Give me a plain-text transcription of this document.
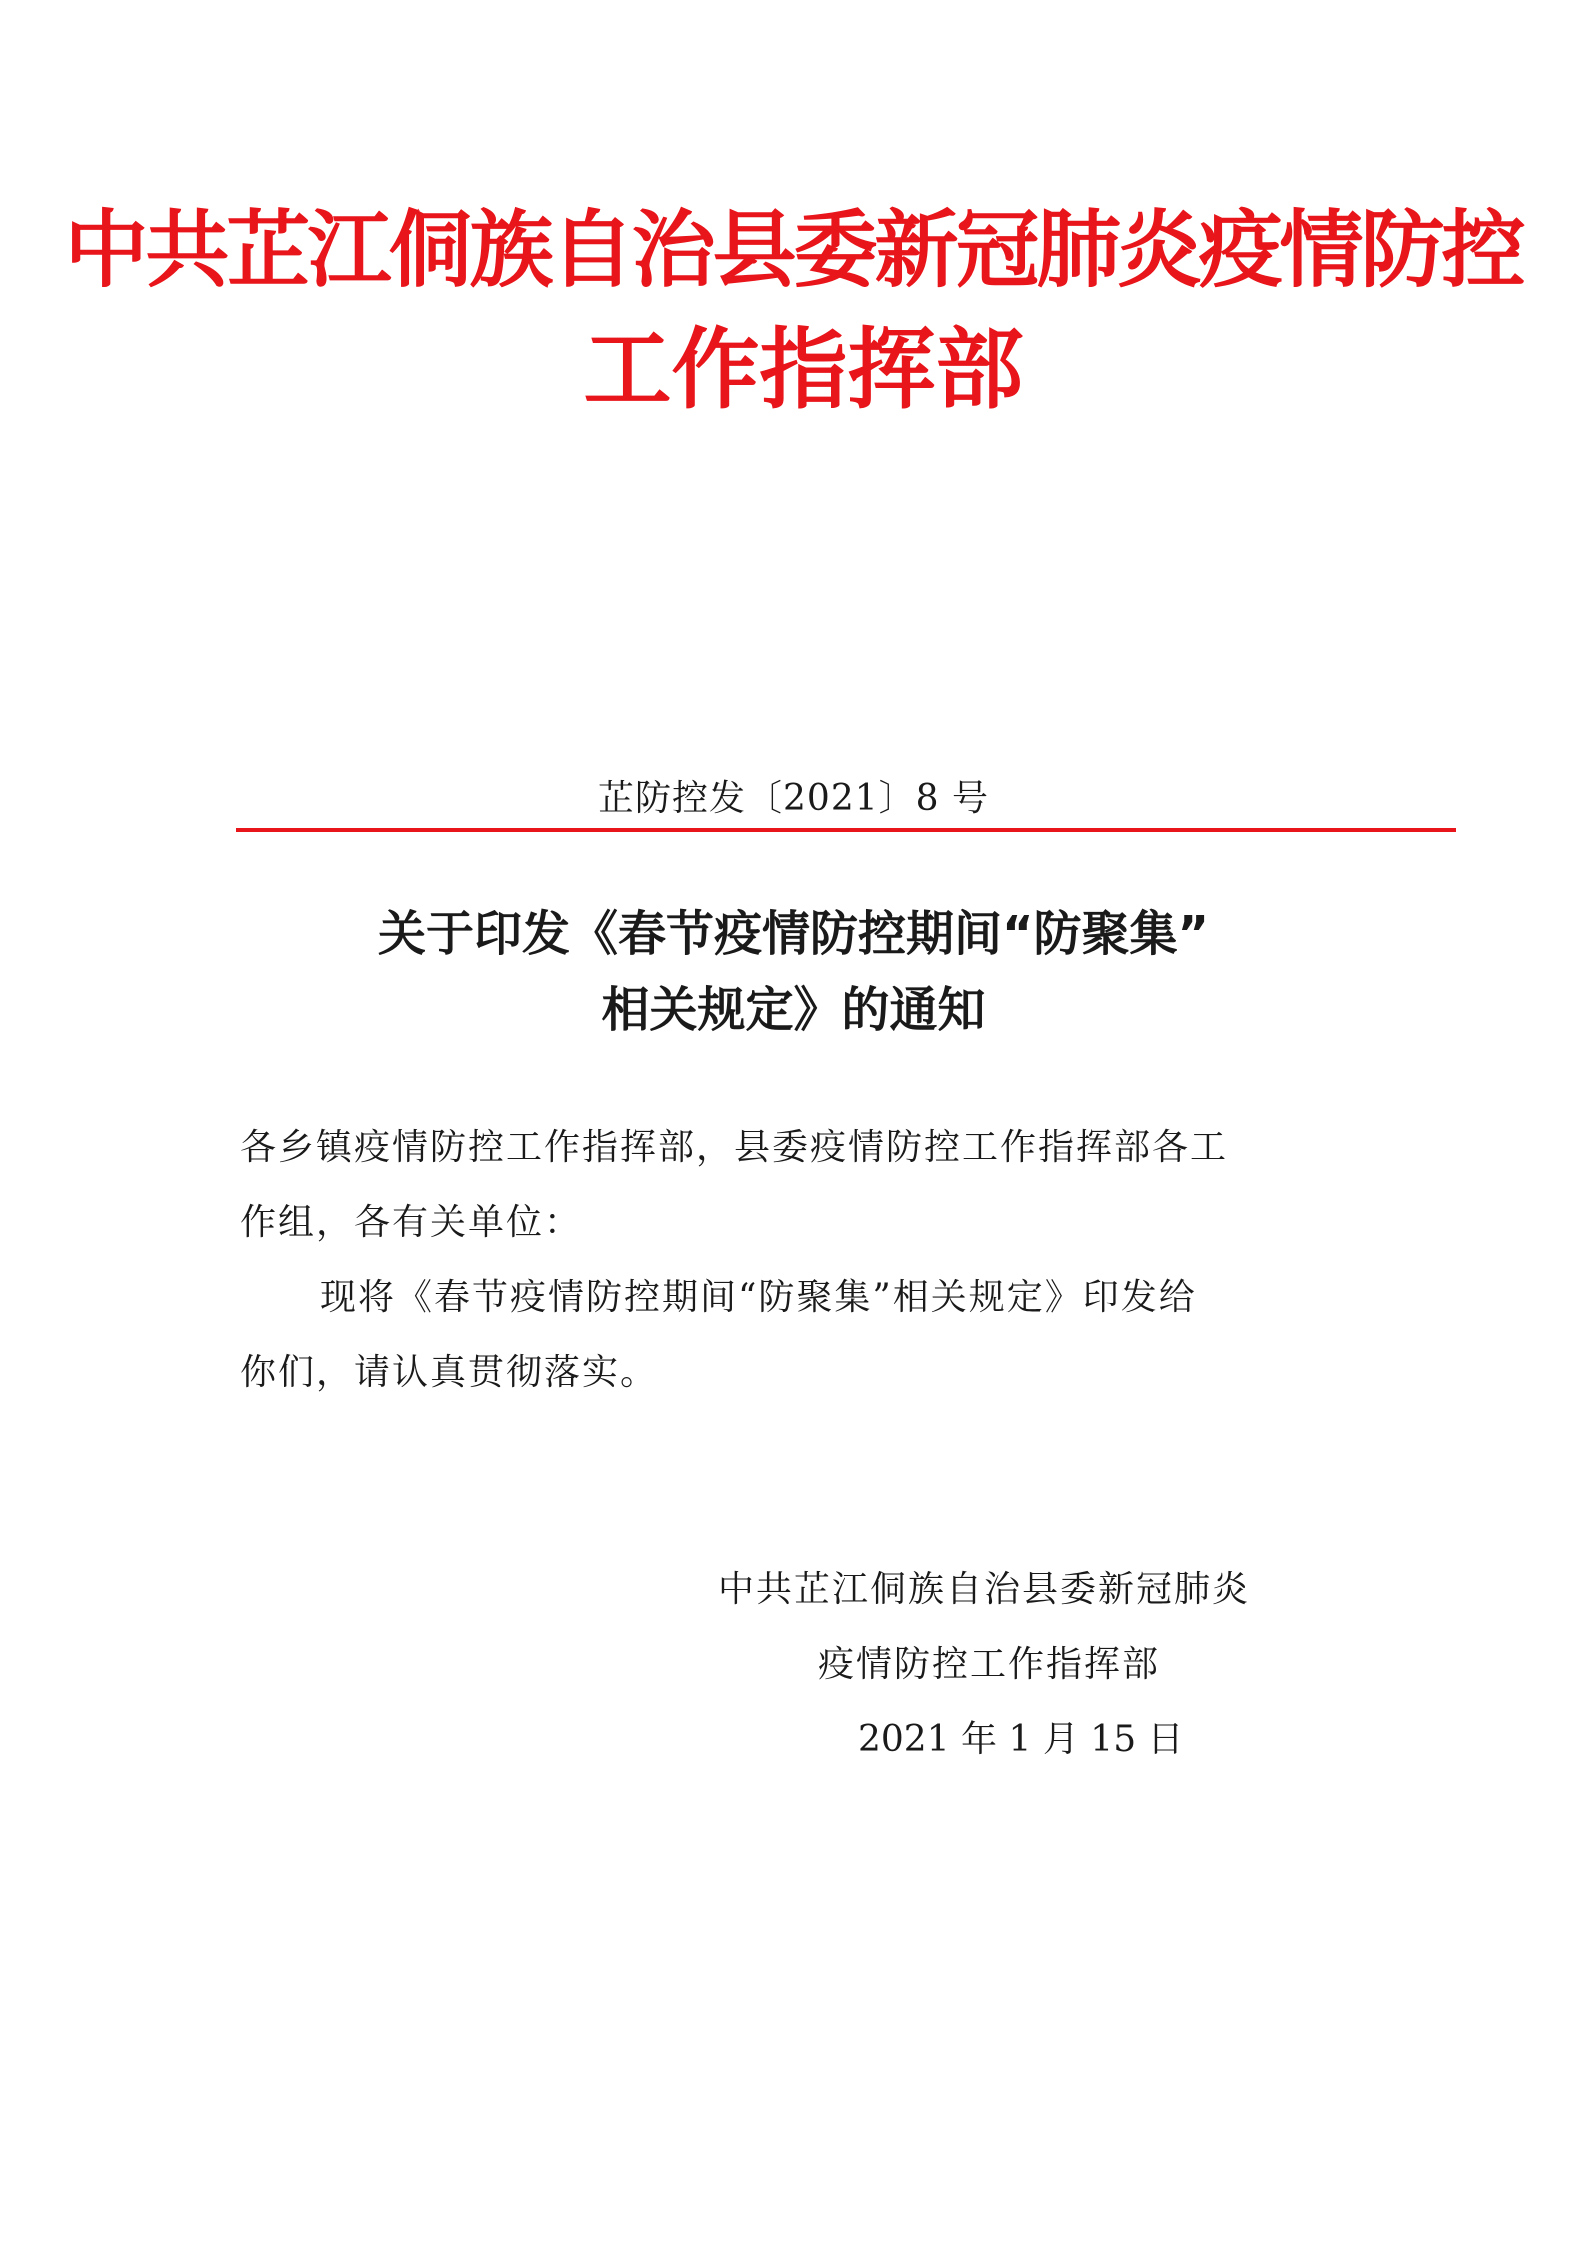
中共芷江侗族自治县委新冠肺炎疫情防控
工作指挥部
芷防控发〔2021〕8 号
关于印发《春节疫情防控期间“防聚集”
相关规定》的通知
各乡镇疫情防控工作指挥部，县委疫情防控工作指挥部各工
作组，各有关单位：
现将《春节疫情防控期间“防聚集”相关规定》印发给
你们，请认真贯彻落实。
中共芷江侗族自治县委新冠肺炎
疫情防控工作指挥部
2021 年 1 月 15 日
